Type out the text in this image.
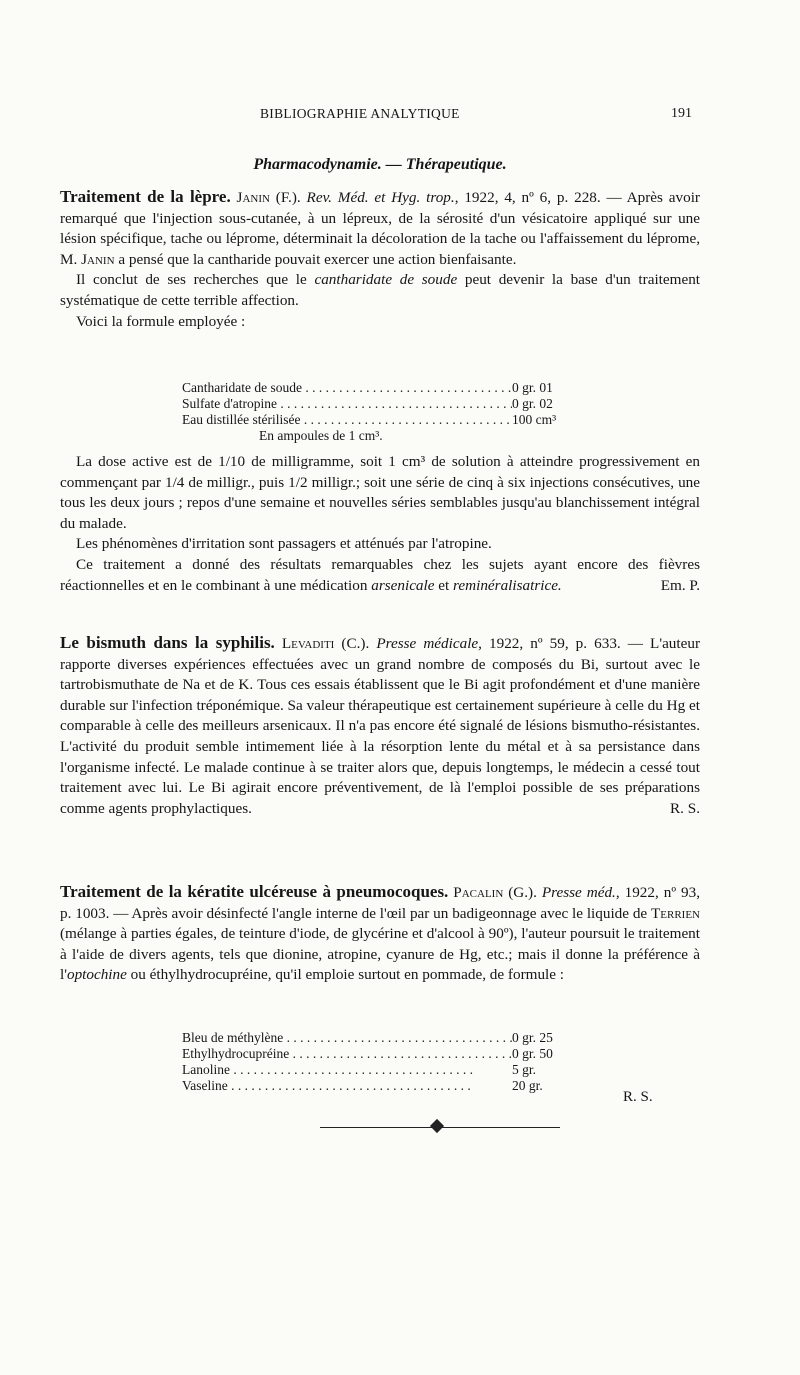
BIBLIOGRAPHIE ANALYTIQUE	191
Pharmacodynamie. — Thérapeutique.

Traitement de la lèpre. Janin (F.). Rev. Méd. et Hyg. trop., 1922, 4, nº 6, p. 228. — Après avoir remarqué que l'injection sous-cutanée, à un lépreux, de la sérosité d'un vésicatoire appliqué sur une lésion spécifique, tache ou léprome, déterminait la décoloration de la tache ou l'affaissement du léprome, M. Janin a pensé que la cantharide pouvait exercer une action bienfaisante.

Il conclut de ses recherches que le cantharidate de soude peut devenir la base d'un traitement systématique de cette terrible affection.

Voici la formule employée :

Cantharidate de soude . . .	0 gr. 01
Sulfate d'atropine . . .	0 gr. 02
Eau distillée stérilisée . . .	100 cm³
En ampoules de 1 cm³.

La dose active est de 1/10 de milligramme, soit 1 cm³ de solution à atteindre progressivement en commençant par 1/4 de milligr., puis 1/2 milligr.; soit une série de cinq à six injections consécutives, une tous les deux jours ; repos d'une semaine et nouvelles séries semblables jusqu'au blanchissement intégral du malade.

Les phénomènes d'irritation sont passagers et atténués par l'atropine.

Ce traitement a donné des résultats remarquables chez les sujets ayant encore des fièvres réactionnelles et en le combinant à une médication arsenicale et reminéralisatrice.	Em. P.

Le bismuth dans la syphilis. Levaditi (C.). Presse médicale, 1922, nº 59, p. 633. — L'auteur rapporte diverses expériences effectuées avec un grand nombre de composés du Bi, surtout avec le tartrobismuthate de Na et de K. Tous ces essais établissent que le Bi agit profondément et d'une manière durable sur l'infection tréponémique. Sa valeur thérapeutique est certainement supérieure à celle du Hg et comparable à celle des meilleurs arsenicaux. Il n'a pas encore été signalé de lésions bismutho-résistantes. L'activité du produit semble intimement liée à la résorption lente du métal et à sa persistance dans l'organisme infecté. Le malade continue à se traiter alors que, depuis longtemps, le médecin a cessé tout traitement avec lui. Le Bi agirait encore préventivement, de là l'emploi possible de ses préparations comme agents prophylactiques.	R. S.

Traitement de la kératite ulcéreuse à pneumocoques. Pacalin (G.). Presse méd., 1922, nº 93, p. 1003. — Après avoir désinfecté l'angle interne de l'œil par un badigeonnage avec le liquide de Terrien (mélange à parties égales, de teinture d'iode, de glycérine et d'alcool à 90º), l'auteur poursuit le traitement à l'aide de divers agents, tels que dionine, atropine, cyanure de Hg, etc.; mais il donne la préférence à l'optochine ou éthylhydrocupréine, qu'il emploie surtout en pommade, de formule :

Bleu de méthylène . . .	0 gr. 25
Ethylhydrocupréine . . .	0 gr. 50
Lanoline . . .	5 gr.
Vaseline . . .	20 gr.
R. S.
